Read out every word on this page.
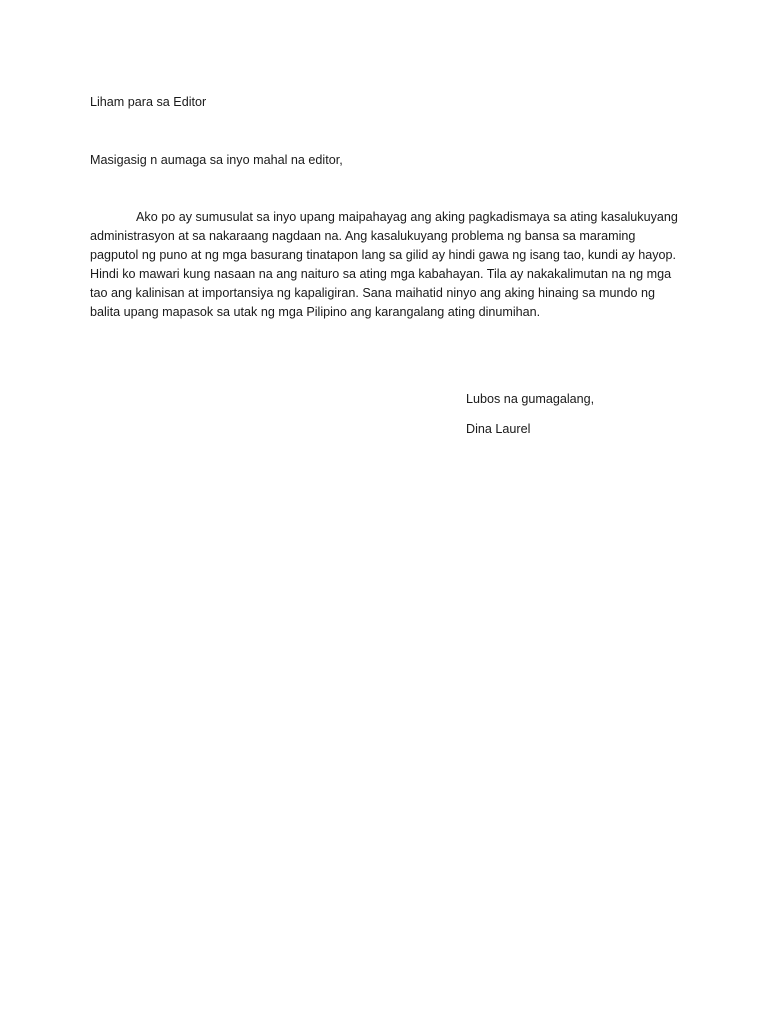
Liham para sa Editor

Masigasig n aumaga sa inyo mahal na editor,

Ako po ay sumusulat sa inyo upang maipahayag ang aking pagkadismaya sa ating kasalukuyang administrasyon at sa nakaraang nagdaan na. Ang kasalukuyang problema ng bansa sa maraming pagputol ng puno at ng mga basurang tinatapon lang sa gilid ay hindi gawa ng isang tao, kundi ay hayop. Hindi ko mawari kung nasaan na ang naituro sa ating mga kabahayan. Tila ay nakakalimutan na ng mga tao ang kalinisan at importansiya ng kapaligiran. Sana maihatid ninyo ang aking hinaing sa mundo ng balita upang mapasok sa utak ng mga Pilipino ang karangalang ating dinumihan.

Lubos na gumagalang,

Dina Laurel
